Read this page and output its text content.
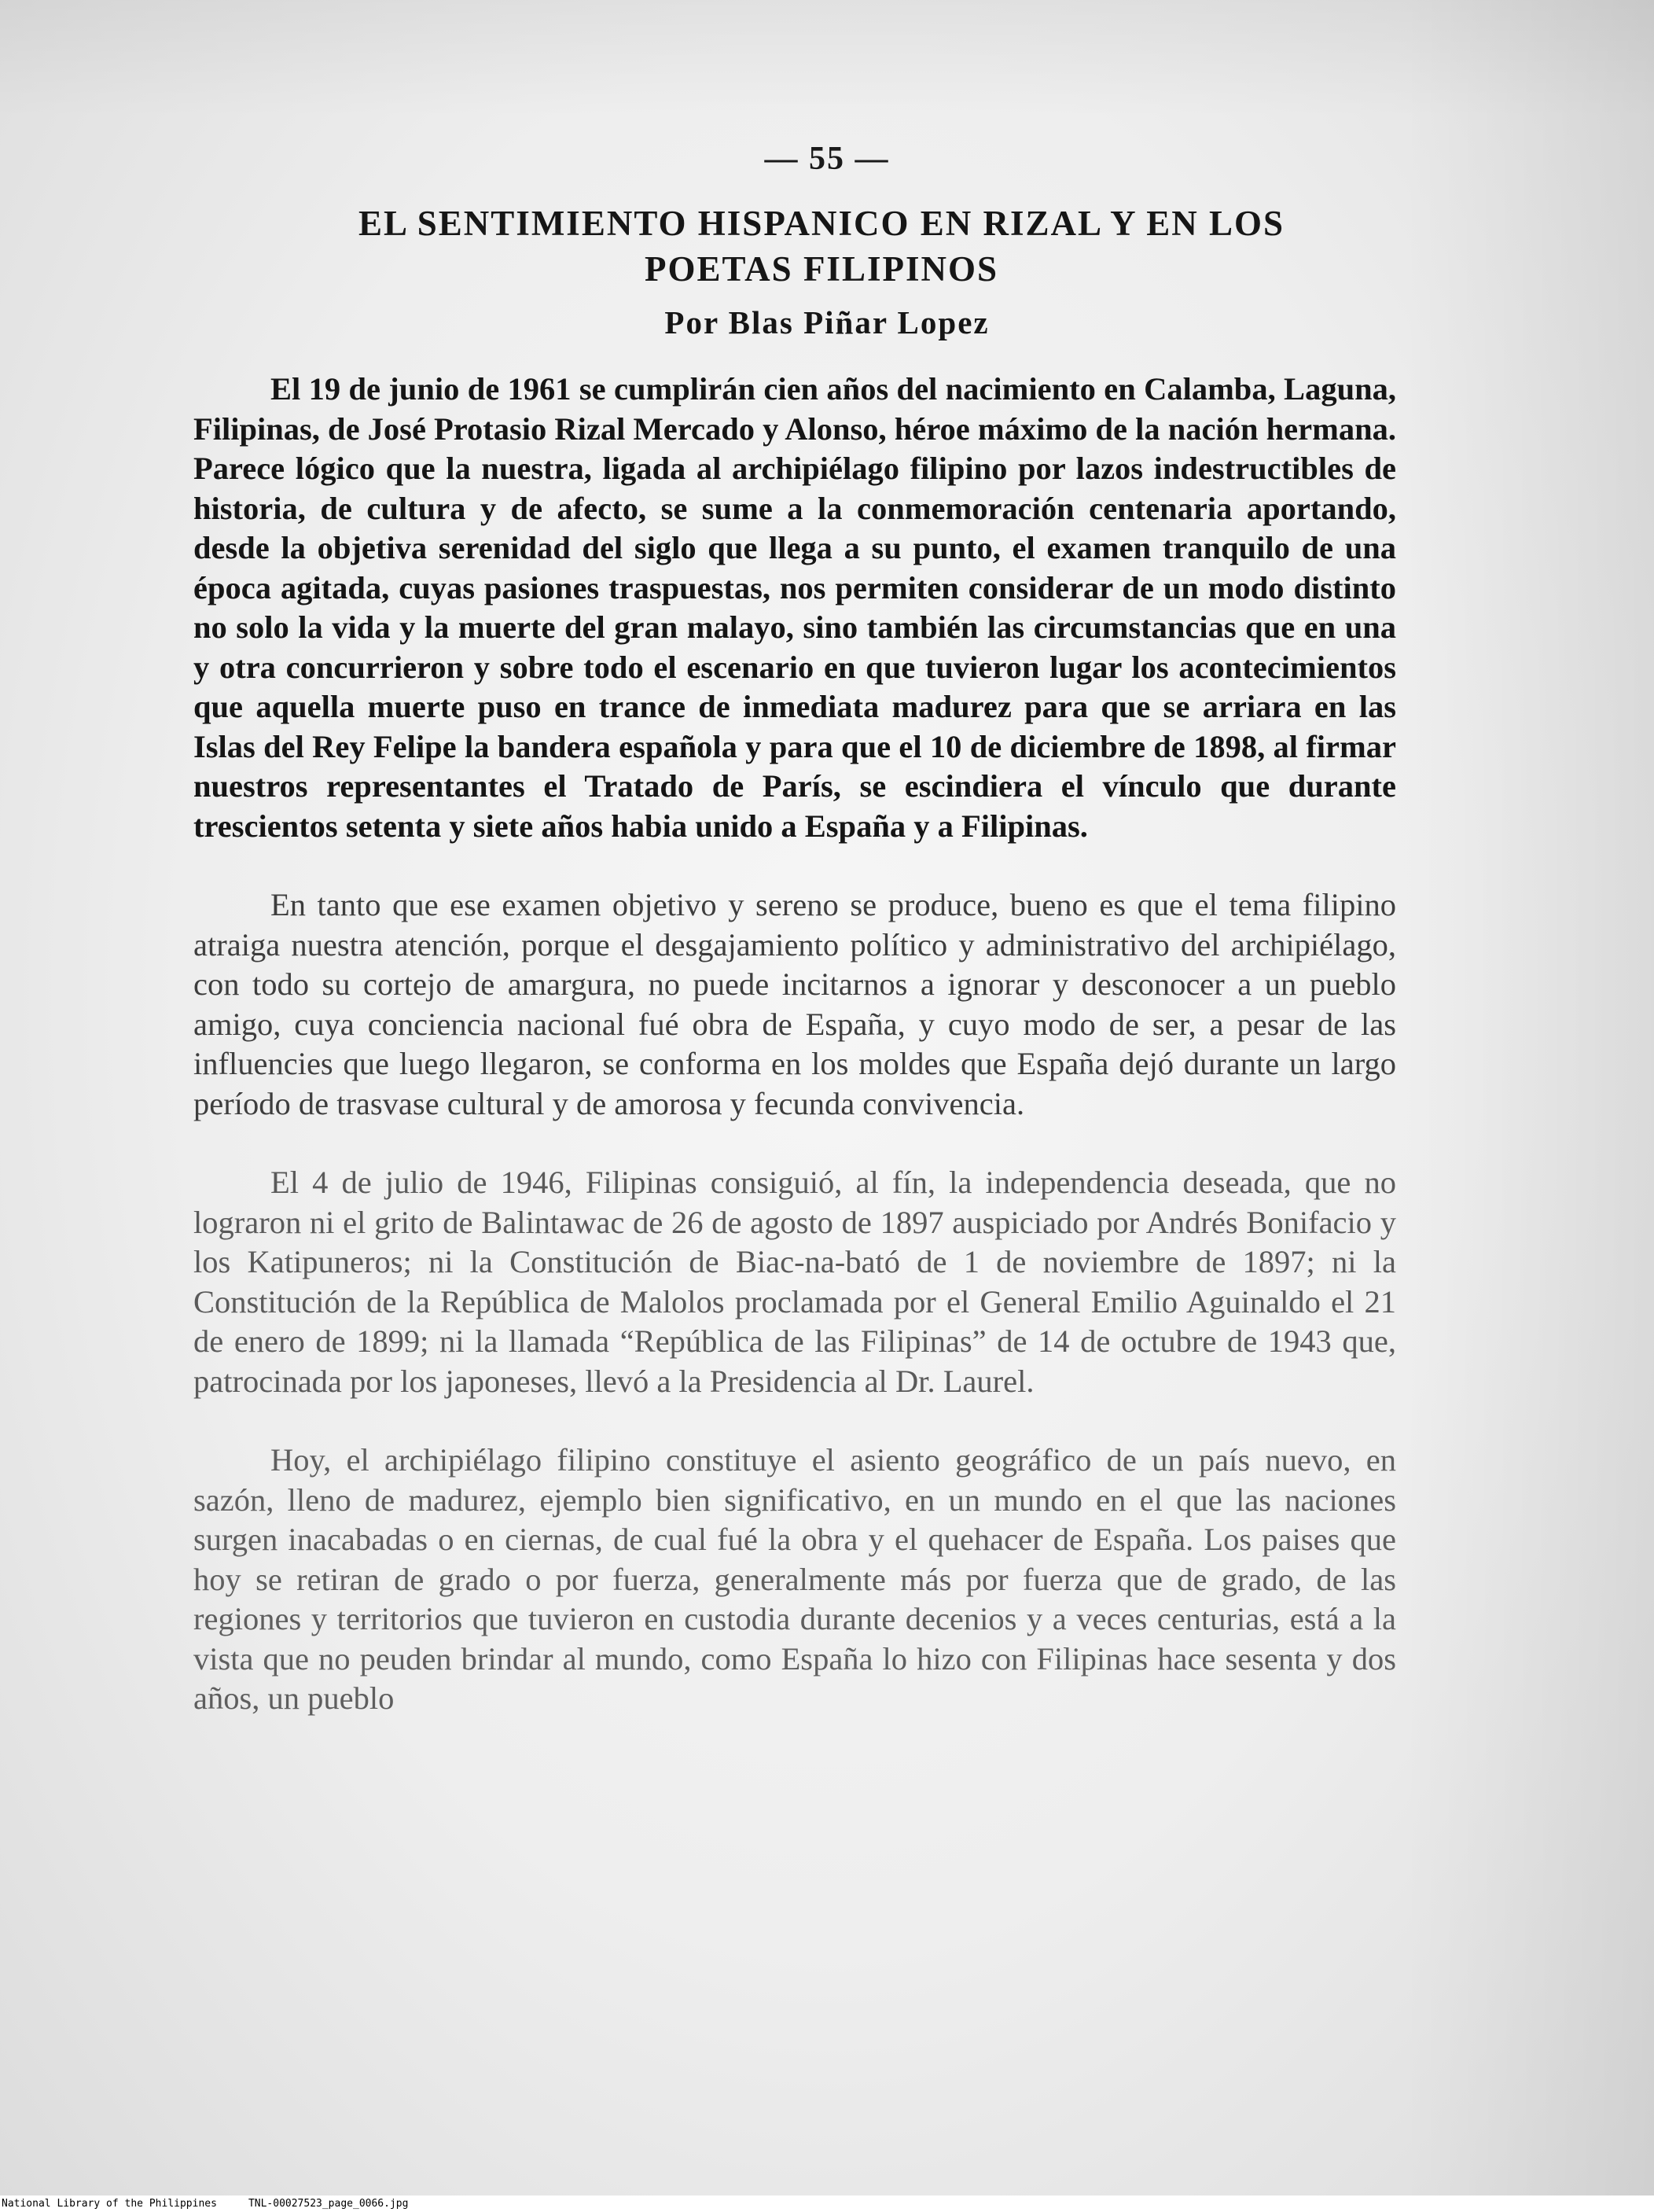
— 55 —
EL SENTIMIENTO HISPANICO EN RIZAL Y EN LOS
POETAS FILIPINOS
Por Blas Piñar Lopez

El 19 de junio de 1961 se cumplirán cien años del nacimiento en Calamba, Laguna, Filipinas, de José Protasio Rizal Mercado y Alonso, héroe máximo de la nación hermana. Parece lógico que la nuestra, ligada al archipiélago filipino por lazos indestructibles de historia, de cultura y de afecto, se sume a la conmemoración centenaria aportando, desde la objetiva serenidad del siglo que llega a su punto, el examen tranquilo de una época agitada, cuyas pasiones traspuestas, nos permiten considerar de un modo distinto no solo la vida y la muerte del gran malayo, sino también las circumstancias que en una y otra concurrieron y sobre todo el escenario en que tuvieron lugar los acontecimientos que aquella muerte puso en trance de inmediata madurez para que se arriara en las Islas del Rey Felipe la bandera española y para que el 10 de diciembre de 1898, al firmar nuestros representantes el Tratado de París, se escindiera el vínculo que durante trescientos setenta y siete años habia unido a España y a Filipinas.

En tanto que ese examen objetivo y sereno se produce, bueno es que el tema filipino atraiga nuestra atención, porque el desgajamiento político y administrativo del archipiélago, con todo su cortejo de amargura, no puede incitarnos a ignorar y desconocer a un pueblo amigo, cuya conciencia nacional fué obra de España, y cuyo modo de ser, a pesar de las influencies que luego llegaron, se conforma en los moldes que España dejó durante un largo período de trasvase cultural y de amorosa y fecunda convivencia.

El 4 de julio de 1946, Filipinas consiguió, al fín, la independencia deseada, que no lograron ni el grito de Balintawac de 26 de agosto de 1897 auspiciado por Andrés Bonifacio y los Katipuneros; ni la Constitución de Biac-na-bató de 1 de noviembre de 1897; ni la Constitución de la República de Malolos proclamada por el General Emilio Aguinaldo el 21 de enero de 1899; ni la llamada “República de las Filipinas” de 14 de octubre de 1943 que, patrocinada por los japoneses, llevó a la Presidencia al Dr. Laurel.

Hoy, el archipiélago filipino constituye el asiento geográfico de un país nuevo, en sazón, lleno de madurez, ejemplo bien significativo, en un mundo en el que las naciones surgen inacabadas o en ciernas, de cual fué la obra y el quehacer de España. Los paises que hoy se retiran de grado o por fuerza, generalmente más por fuerza que de grado, de las regiones y territorios que tuvieron en custodia durante decenios y a veces centurias, está a la vista que no peuden brindar al mundo, como España lo hizo con Filipinas hace sesenta y dos años, un pueblo

National Library of the Philippines	TNL-00027523_page_0066.jpg
